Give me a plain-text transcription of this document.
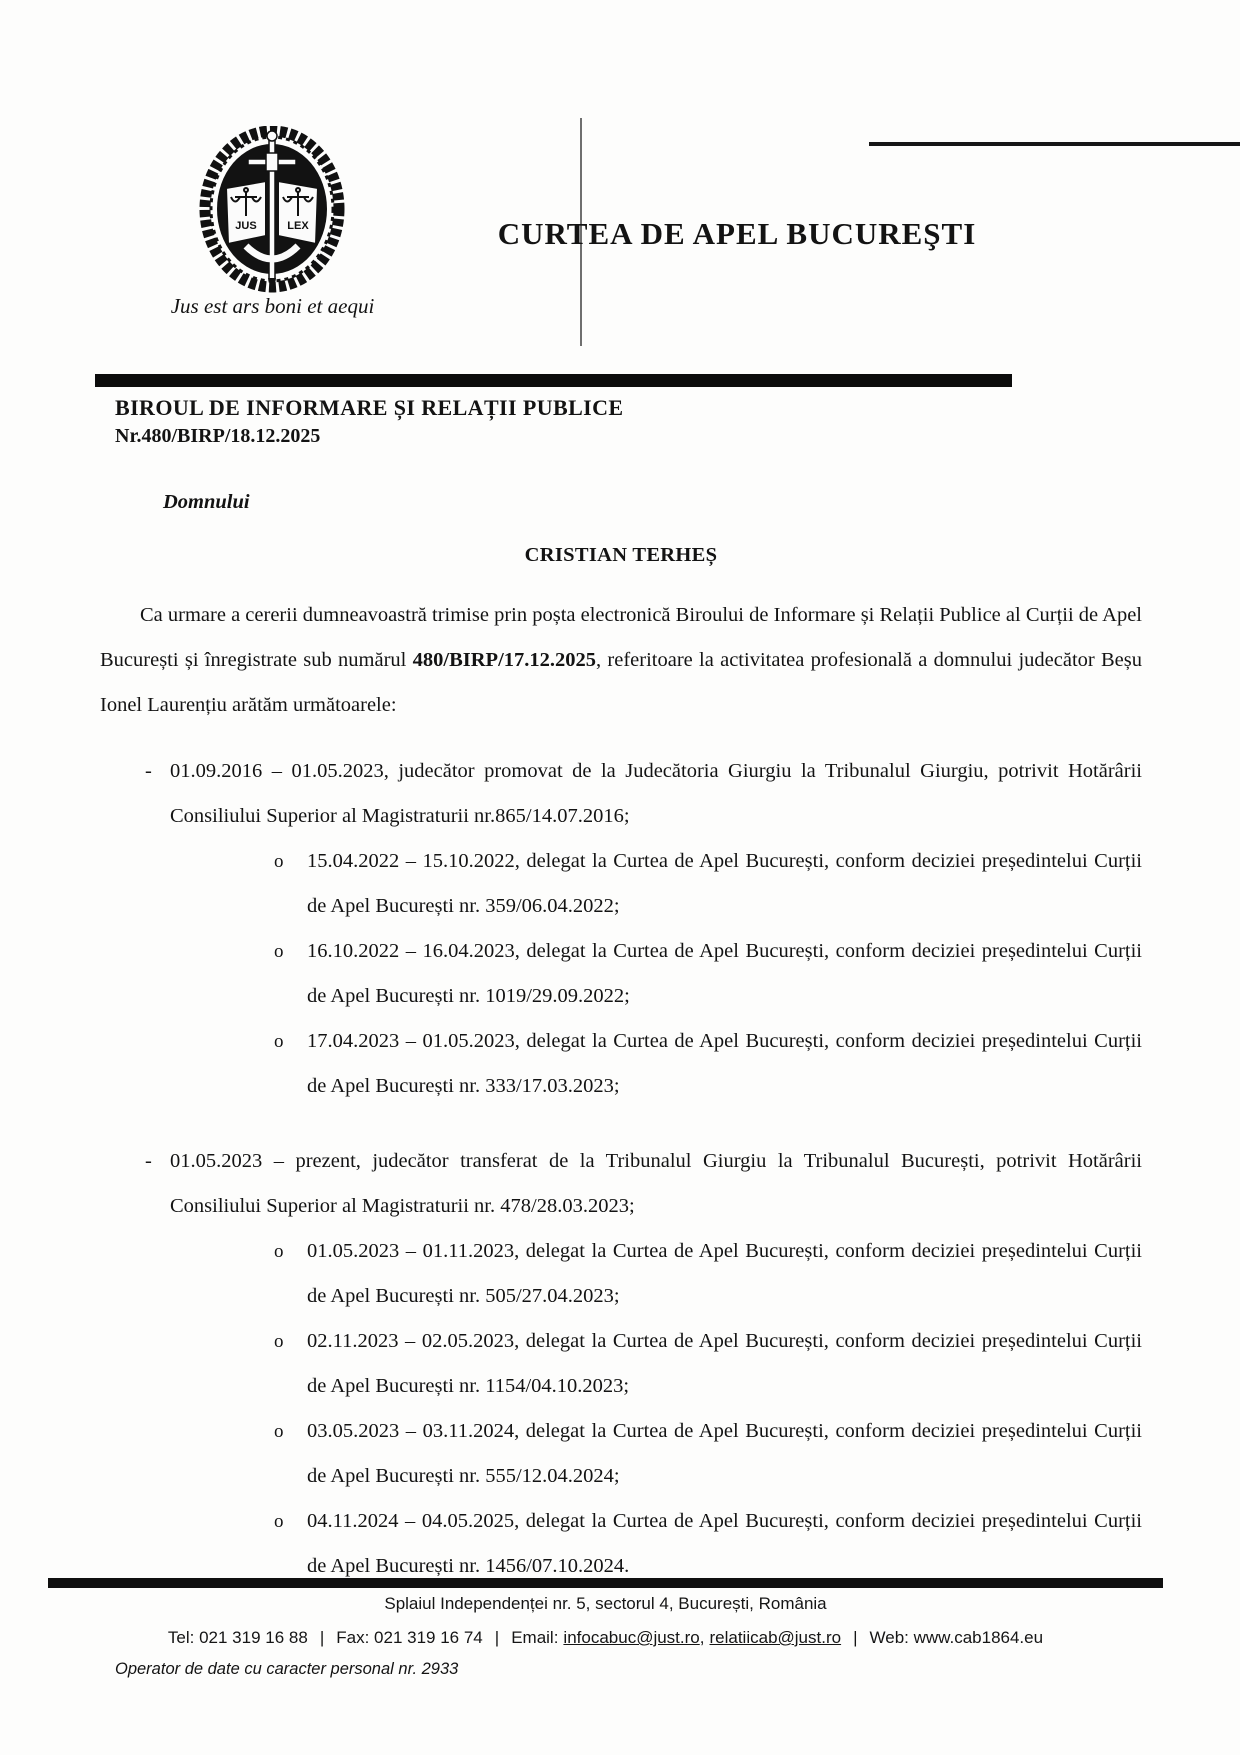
JUS	LEX
Jus est ars boni et aequi
CURTEA DE APEL BUCUREŞTI
BIROUL DE INFORMARE ȘI RELAȚII PUBLICE
Nr.480/BIRP/18.12.2025
Domnului
CRISTIAN TERHEȘ

Ca urmare a cererii dumneavoastră trimise prin poșta electronică Biroului de Informare și Relații Publice al Curții de Apel București și înregistrate sub numărul 480/BIRP/17.12.2025, referitoare la activitatea profesională a domnului judecător Beșu Ionel Laurențiu arătăm următoarele:

- 01.09.2016 – 01.05.2023, judecător promovat de la Judecătoria Giurgiu la Tribunalul Giurgiu, potrivit Hotărârii Consiliului Superior al Magistraturii nr.865/14.07.2016;
o 15.04.2022 – 15.10.2022, delegat la Curtea de Apel București, conform deciziei președintelui Curții de Apel București nr. 359/06.04.2022;
o 16.10.2022 – 16.04.2023, delegat la Curtea de Apel București, conform deciziei președintelui Curții de Apel București nr. 1019/29.09.2022;
o 17.04.2023 – 01.05.2023, delegat la Curtea de Apel București, conform deciziei președintelui Curții de Apel București nr. 333/17.03.2023;
- 01.05.2023 – prezent, judecător transferat de la Tribunalul Giurgiu la Tribunalul București, potrivit Hotărârii Consiliului Superior al Magistraturii nr. 478/28.03.2023;
o 01.05.2023 – 01.11.2023, delegat la Curtea de Apel București, conform deciziei președintelui Curții de Apel București nr. 505/27.04.2023;
o 02.11.2023 – 02.05.2023, delegat la Curtea de Apel București, conform deciziei președintelui Curții de Apel București nr. 1154/04.10.2023;
o 03.05.2023 – 03.11.2024, delegat la Curtea de Apel București, conform deciziei președintelui Curții de Apel București nr. 555/12.04.2024;
o 04.11.2024 – 04.05.2025, delegat la Curtea de Apel București, conform deciziei președintelui Curții de Apel București nr. 1456/07.10.2024.
Splaiul Independenței nr. 5, sectorul 4, București, România
Tel: 021 319 16 88 | Fax: 021 319 16 74 | Email: infocabuc@just.ro, relatiicab@just.ro | Web: www.cab1864.eu
Operator de date cu caracter personal nr. 2933
